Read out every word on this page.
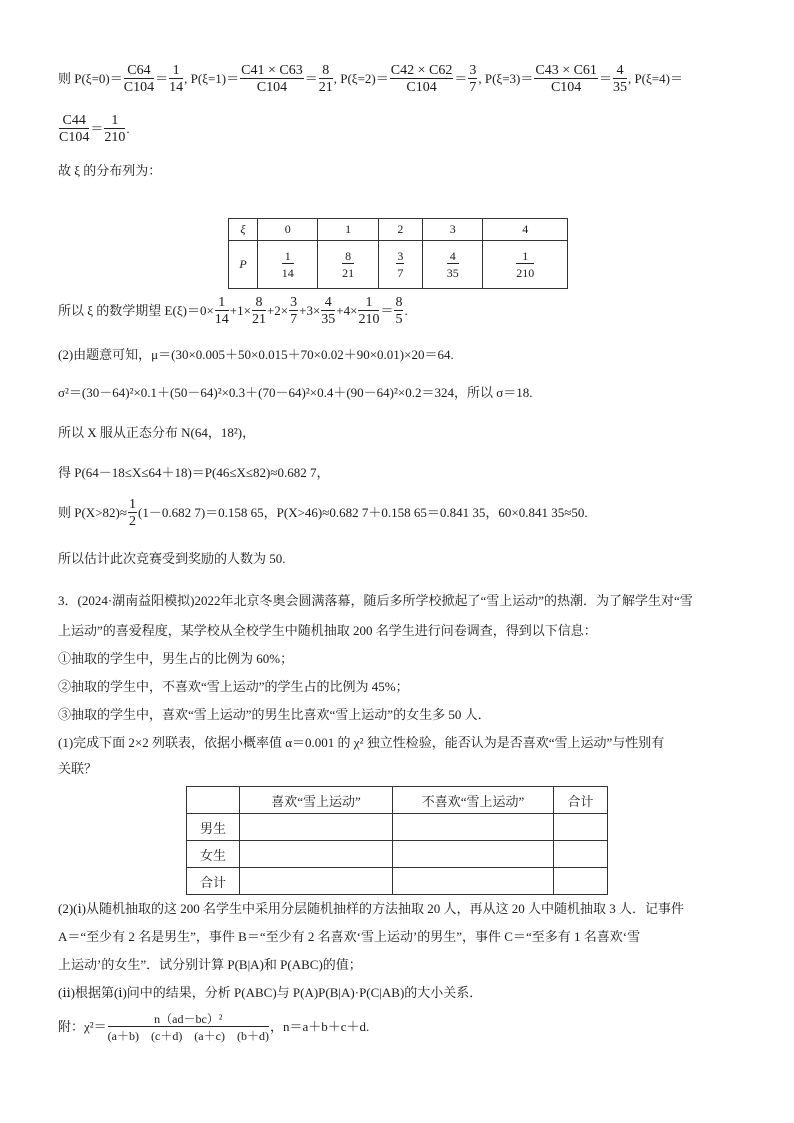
则 $P(\xi=0)= \frac{C64}{C104} = \frac{1}{14}$ , $P(\xi=1)= \frac{C41 \times C63}{C104} = \frac{8}{21}$ , $P(\xi=2)= \frac{C42 \times C62}{C104} = \frac{3}{7}$ , $P(\xi=3)= \frac{C43 \times C61}{C104} = \frac{4}{35}$ , P(ξ=4)＝
$\frac{C44}{C104} = \frac{1}{210}$ .
故 ξ 的分布列为：
ξ	0	1	2	3	4
P	$\frac{1}{14}$	$\frac{8}{21}$	$\frac{3}{7}$	$\frac{4}{35}$	$\frac{1}{210}$
所以 ξ 的数学期望 $E(\xi)=0\times \frac{1}{14} +1\times \frac{8}{21} +2\times \frac{3}{7} +3\times \frac{4}{35} +4\times \frac{1}{210} = \frac{8}{5}$ .
(2)由题意可知，μ＝(30×0.005＋50×0.015＋70×0.02＋90×0.01)×20＝64.
σ²＝(30－64)²×0.1＋(50－64)²×0.3＋(70－64)²×0.4＋(90－64)²×0.2＝324，所以 σ＝18.
所以 X 服从正态分布 N(64，18²)，
得 P(64－18≤X≤64＋18)＝P(46≤X≤82)≈0.682 7，
则 $P(X>82)\approx \frac{1}{2} (1-0.682$ 7)＝0.158 65，P(X>46)≈0.682 7＋0.158 65＝0.841 35，60×0.841 35≈50.
所以估计此次竞赛受到奖励的人数为 50.
3．(2024·湖南益阳模拟)2022年北京冬奥会圆满落幕，随后多所学校掀起了“雪上运动”的热潮．为了解学生对“雪
上运动”的喜爱程度，某学校从全校学生中随机抽取 200 名学生进行问卷调查，得到以下信息：
①抽取的学生中，男生占的比例为 60%；
②抽取的学生中，不喜欢“雪上运动”的学生占的比例为 45%；
③抽取的学生中，喜欢“雪上运动”的男生比喜欢“雪上运动”的女生多 50 人．
(1)完成下面 2×2 列联表，依据小概率值 α＝0.001 的 χ² 独立性检验，能否认为是否喜欢“雪上运动”与性别有
关联？
	喜欢“雪上运动”	不喜欢“雪上运动”	合计
男生			
女生			
合计			
(2)(ⅰ)从随机抽取的这 200 名学生中采用分层随机抽样的方法抽取 20 人，再从这 20 人中随机抽取 3 人．记事件
A＝“至少有 2 名是男生”，事件 B＝“至少有 2 名喜欢‘雪上运动’的男生”，事件 C＝“至多有 1 名喜欢‘雪
上运动’的女生”．试分别计算 P(B|A)和 P(ABC)的值；
(ⅱ)根据第(ⅰ)问中的结果，分析 P(ABC)与 P(A)P(B|A)·P(C|AB)的大小关系．
附：$\chi^2= \frac{\text{n（ad－bc）²}}{(a+b) (c+d) (a+c) (b+d)}$ ，n＝a＋b＋c＋d.
